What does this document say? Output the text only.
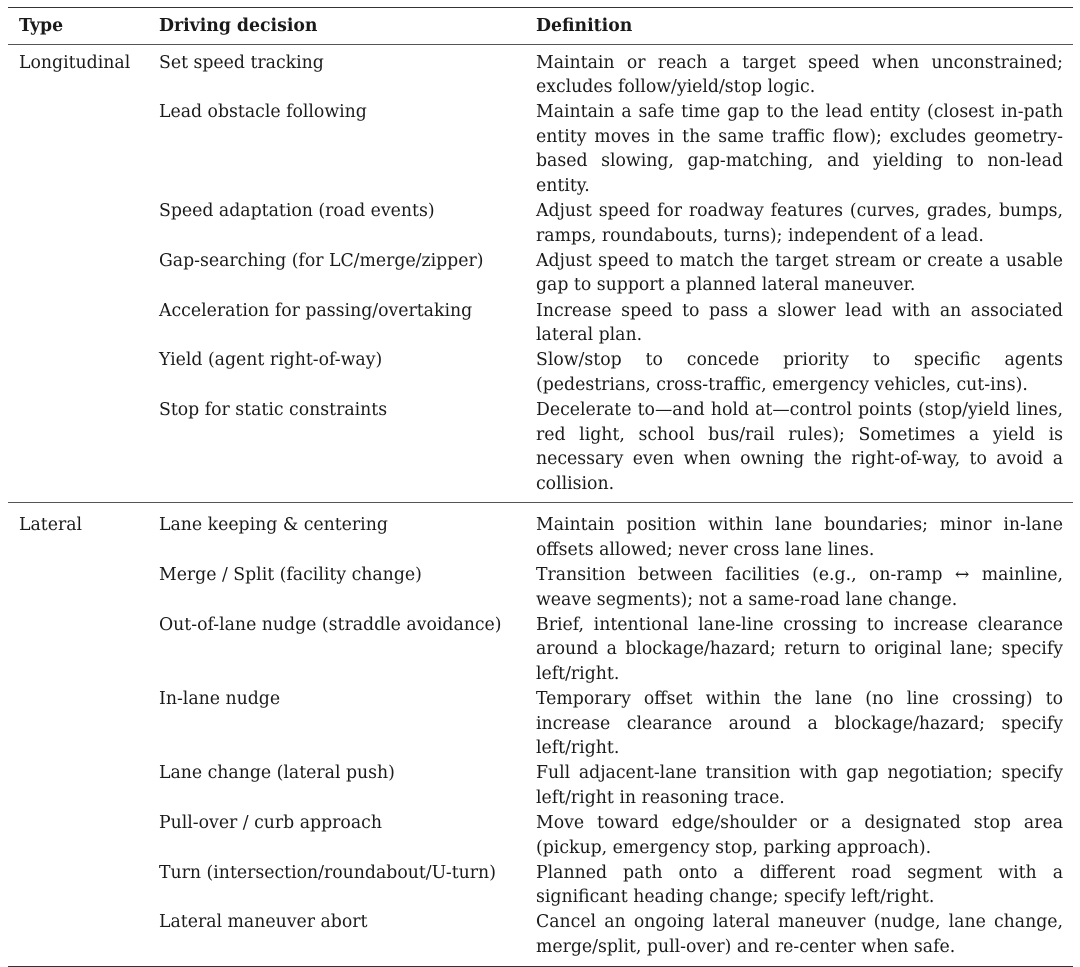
Type	Driving decision	Definition
Longitudinal	Set speed tracking	Maintain or reach a target speed when unconstrained; excludes follow/yield/stop logic.
	Lead obstacle following	Maintain a safe time gap to the lead entity (closest in-path entity moves in the same traffic flow); excludes geometry-based slowing, gap-matching, and yielding to non-lead entity.
	Speed adaptation (road events)	Adjust speed for roadway features (curves, grades, bumps, ramps, roundabouts, turns); independent of a lead.
	Gap-searching (for LC/merge/zipper)	Adjust speed to match the target stream or create a usable gap to support a planned lateral maneuver.
	Acceleration for passing/overtaking	Increase speed to pass a slower lead with an associated lateral plan.
	Yield (agent right-of-way)	Slow/stop to concede priority to specific agents (pedestrians, cross-traffic, emergency vehicles, cut-ins).
	Stop for static constraints	Decelerate to—and hold at—control points (stop/yield lines, red light, school bus/rail rules); Sometimes a yield is necessary even when owning the right-of-way, to avoid a collision.
Lateral	Lane keeping & centering	Maintain position within lane boundaries; minor in-lane offsets allowed; never cross lane lines.
	Merge / Split (facility change)	Transition between facilities (e.g., on-ramp ↔ mainline, weave segments); not a same-road lane change.
	Out-of-lane nudge (straddle avoidance)	Brief, intentional lane-line crossing to increase clearance around a blockage/hazard; return to original lane; specify left/right.
	In-lane nudge	Temporary offset within the lane (no line crossing) to increase clearance around a blockage/hazard; specify left/right.
	Lane change (lateral push)	Full adjacent-lane transition with gap negotiation; specify left/right in reasoning trace.
	Pull-over / curb approach	Move toward edge/shoulder or a designated stop area (pickup, emergency stop, parking approach).
	Turn (intersection/roundabout/U-turn)	Planned path onto a different road segment with a significant heading change; specify left/right.
	Lateral maneuver abort	Cancel an ongoing lateral maneuver (nudge, lane change, merge/split, pull-over) and re-center when safe.
